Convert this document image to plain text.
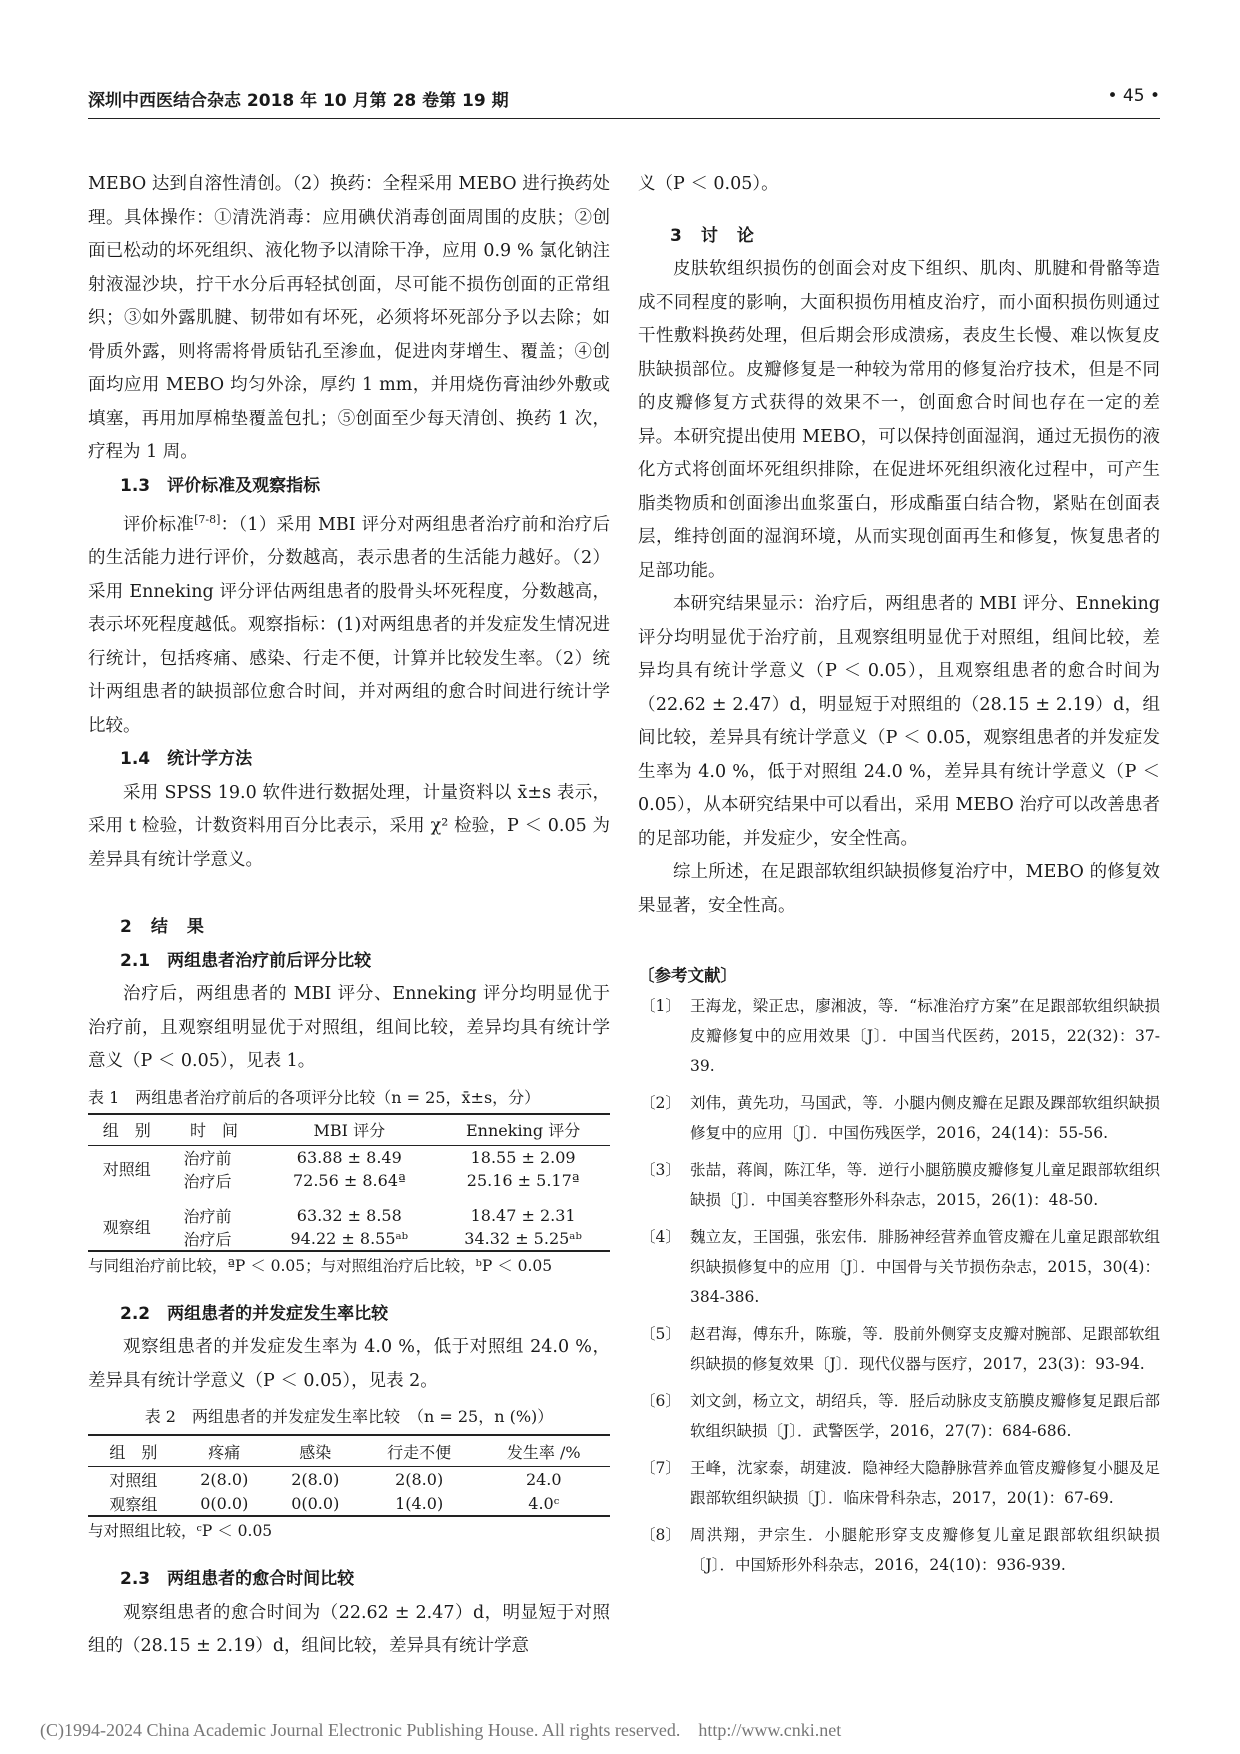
深圳中西医结合杂志 2018 年 10 月第 28 卷第 19 期	• 45 •

MEBO 达到自溶性清创。（2）换药：全程采用 MEBO 进行换药处理。具体操作：①清洗消毒：应用碘伏消毒创面周围的皮肤；②创面已松动的坏死组织、液化物予以清除干净，应用 0.9 % 氯化钠注射液湿沙块，拧干水分后再轻拭创面，尽可能不损伤创面的正常组织；③如外露肌腱、韧带如有坏死，必须将坏死部分予以去除；如骨质外露，则将需将骨质钻孔至渗血，促进肉芽增生、覆盖；④创面均应用 MEBO 均匀外涂，厚约 1 mm，并用烧伤膏油纱外敷或填塞，再用加厚棉垫覆盖包扎；⑤创面至少每天清创、换药 1 次，疗程为 1 周。

1.3　评价标准及观察指标

评价标准[7-8]：（1）采用 MBI 评分对两组患者治疗前和治疗后的生活能力进行评价，分数越高，表示患者的生活能力越好。（2）采用 Enneking 评分评估两组患者的股骨头坏死程度，分数越高，表示坏死程度越低。观察指标：(1)对两组患者的并发症发生情况进行统计，包括疼痛、感染、行走不便，计算并比较发生率。（2）统计两组患者的缺损部位愈合时间，并对两组的愈合时间进行统计学比较。

1.4　统计学方法

采用 SPSS 19.0 软件进行数据处理，计量资料以 x̄±s 表示，采用 t 检验，计数资料用百分比表示，采用 χ² 检验，P ＜ 0.05 为差异具有统计学意义。

2　结　果
2.1　两组患者治疗前后评分比较

治疗后，两组患者的 MBI 评分、Enneking 评分均明显优于治疗前，且观察组明显优于对照组，组间比较，差异均具有统计学意义（P ＜ 0.05），见表 1。

表 1　两组患者治疗前后的各项评分比较（n = 25，x̄±s，分）
组　别	时　间	MBI 评分	Enneking 评分
对照组	治疗前	63.88 ± 8.49	18.55 ± 2.09
	治疗后	72.56 ± 8.64ª	25.16 ± 5.17ª

观察组	治疗前	63.32 ± 8.58	18.47 ± 2.31
	治疗后	94.22 ± 8.55ᵃᵇ	34.32 ± 5.25ᵃᵇ
与同组治疗前比较，ªP ＜ 0.05；与对照组治疗后比较，ᵇP ＜ 0.05
2.2　两组患者的并发症发生率比较

观察组患者的并发症发生率为 4.0 %，低于对照组 24.0 %，差异具有统计学意义（P ＜ 0.05），见表 2。

表 2　两组患者的并发症发生率比较　（n = 25，n (%)）
组　别	疼痛	感染	行走不便	发生率 /%
对照组	2(8.0)	2(8.0)	2(8.0)	24.0
观察组	0(0.0)	0(0.0)	1(4.0)	4.0ᶜ
与对照组比较，ᶜP ＜ 0.05
2.3　两组患者的愈合时间比较

观察组患者的愈合时间为（22.62 ± 2.47）d，明显短于对照组的（28.15 ± 2.19）d，组间比较，差异具有统计学意

义（P ＜ 0.05）。

3　讨　论

皮肤软组织损伤的创面会对皮下组织、肌肉、肌腱和骨骼等造成不同程度的影响，大面积损伤用植皮治疗，而小面积损伤则通过干性敷料换药处理，但后期会形成溃疡，表皮生长慢、难以恢复皮肤缺损部位。皮瓣修复是一种较为常用的修复治疗技术，但是不同的皮瓣修复方式获得的效果不一，创面愈合时间也存在一定的差异。本研究提出使用 MEBO，可以保持创面湿润，通过无损伤的液化方式将创面坏死组织排除，在促进坏死组织液化过程中，可产生脂类物质和创面渗出血浆蛋白，形成酯蛋白结合物，紧贴在创面表层，维持创面的湿润环境，从而实现创面再生和修复，恢复患者的足部功能。

本研究结果显示：治疗后，两组患者的 MBI 评分、Enneking 评分均明显优于治疗前，且观察组明显优于对照组，组间比较，差异均具有统计学意义（P ＜ 0.05），且观察组患者的愈合时间为（22.62 ± 2.47）d，明显短于对照组的（28.15 ± 2.19）d，组间比较，差异具有统计学意义（P ＜ 0.05，观察组患者的并发症发生率为 4.0 %，低于对照组 24.0 %，差异具有统计学意义（P ＜ 0.05），从本研究结果中可以看出，采用 MEBO 治疗可以改善患者的足部功能，并发症少，安全性高。

综上所述，在足跟部软组织缺损修复治疗中，MEBO 的修复效果显著，安全性高。

〔参考文献〕
〔1〕 王海龙，梁正忠，廖湘波，等．“标准治疗方案”在足跟部软组织缺损皮瓣修复中的应用效果〔J〕．中国当代医药，2015，22(32)：37-39.
〔2〕 刘伟，黄先功，马国武，等．小腿内侧皮瓣在足跟及踝部软组织缺损修复中的应用〔J〕．中国伤残医学，2016，24(14)：55-56.
〔3〕 张喆，蒋阆，陈江华，等．逆行小腿筋膜皮瓣修复儿童足跟部软组织缺损〔J〕．中国美容整形外科杂志，2015，26(1)：48-50.
〔4〕 魏立友，王国强，张宏伟．腓肠神经营养血管皮瓣在儿童足跟部软组织缺损修复中的应用〔J〕．中国骨与关节损伤杂志，2015，30(4)：384-386.
〔5〕 赵君海，傅东升，陈璇，等．股前外侧穿支皮瓣对腕部、足跟部软组织缺损的修复效果〔J〕．现代仪器与医疗，2017，23(3)：93-94.
〔6〕 刘文剑，杨立文，胡绍兵，等．胫后动脉皮支筋膜皮瓣修复足跟后部软组织缺损〔J〕．武警医学，2016，27(7)：684-686.
〔7〕 王峰，沈家泰，胡建波．隐神经大隐静脉营养血管皮瓣修复小腿及足跟部软组织缺损〔J〕．临床骨科杂志，2017，20(1)：67-69.
〔8〕 周洪翔，尹宗生．小腿舵形穿支皮瓣修复儿童足跟部软组织缺损〔J〕．中国矫形外科杂志，2016，24(10)：936-939.
(C)1994-2024 China Academic Journal Electronic Publishing House. All rights reserved.　http://www.cnki.net
